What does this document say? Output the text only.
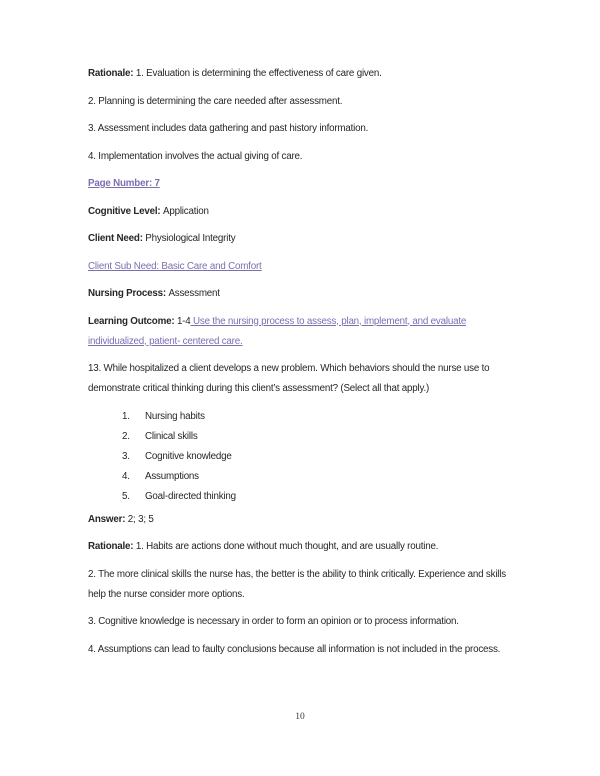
Rationale: 1. Evaluation is determining the effectiveness of care given.

2. Planning is determining the care needed after assessment.

3. Assessment includes data gathering and past history information.

4. Implementation involves the actual giving of care.

Page Number: 7

Cognitive Level: Application

Client Need: Physiological Integrity

Client Sub Need: Basic Care and Comfort

Nursing Process: Assessment

Learning Outcome: 1-4 Use the nursing process to assess, plan, implement, and evaluate individualized, patient- centered care.

13. While hospitalized a client develops a new problem. Which behaviors should the nurse use to demonstrate critical thinking during this client’s assessment? (Select all that apply.)

1.	Nursing habits
2.	Clinical skills
3.	Cognitive knowledge
4.	Assumptions
5.	Goal-directed thinking

Answer: 2; 3; 5

Rationale: 1. Habits are actions done without much thought, and are usually routine.

2. The more clinical skills the nurse has, the better is the ability to think critically. Experience and skills help the nurse consider more options.

3. Cognitive knowledge is necessary in order to form an opinion or to process information.

4. Assumptions can lead to faulty conclusions because all information is not included in the process.

10
